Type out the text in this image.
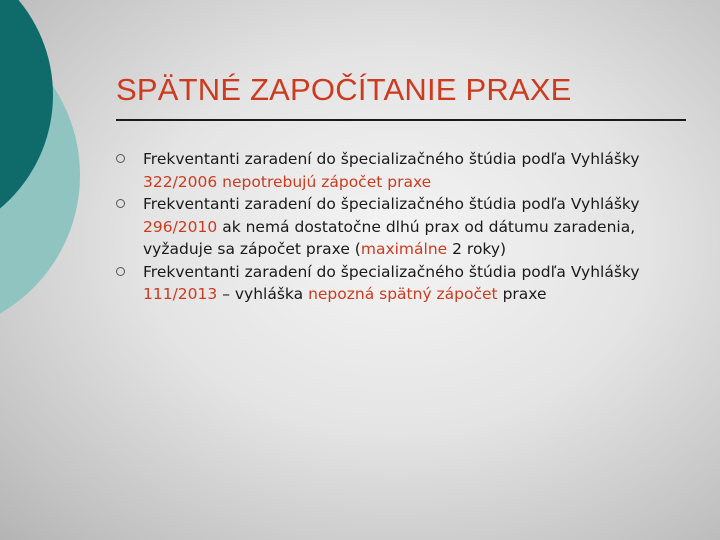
SPÄTNÉ ZAPOČÍTANIE PRAXE
Frekventanti zaradení do špecializačného štúdia podľa Vyhlášky 322/2006 nepotrebujú zápočet praxe
Frekventanti zaradení do špecializačného štúdia podľa Vyhlášky 296/2010 ak nemá dostatočne dlhú prax od dátumu zaradenia, vyžaduje sa zápočet praxe (maximálne 2 roky)
Frekventanti zaradení do špecializačného štúdia podľa Vyhlášky 111/2013 – vyhláška nepozná spätný zápočet praxe
